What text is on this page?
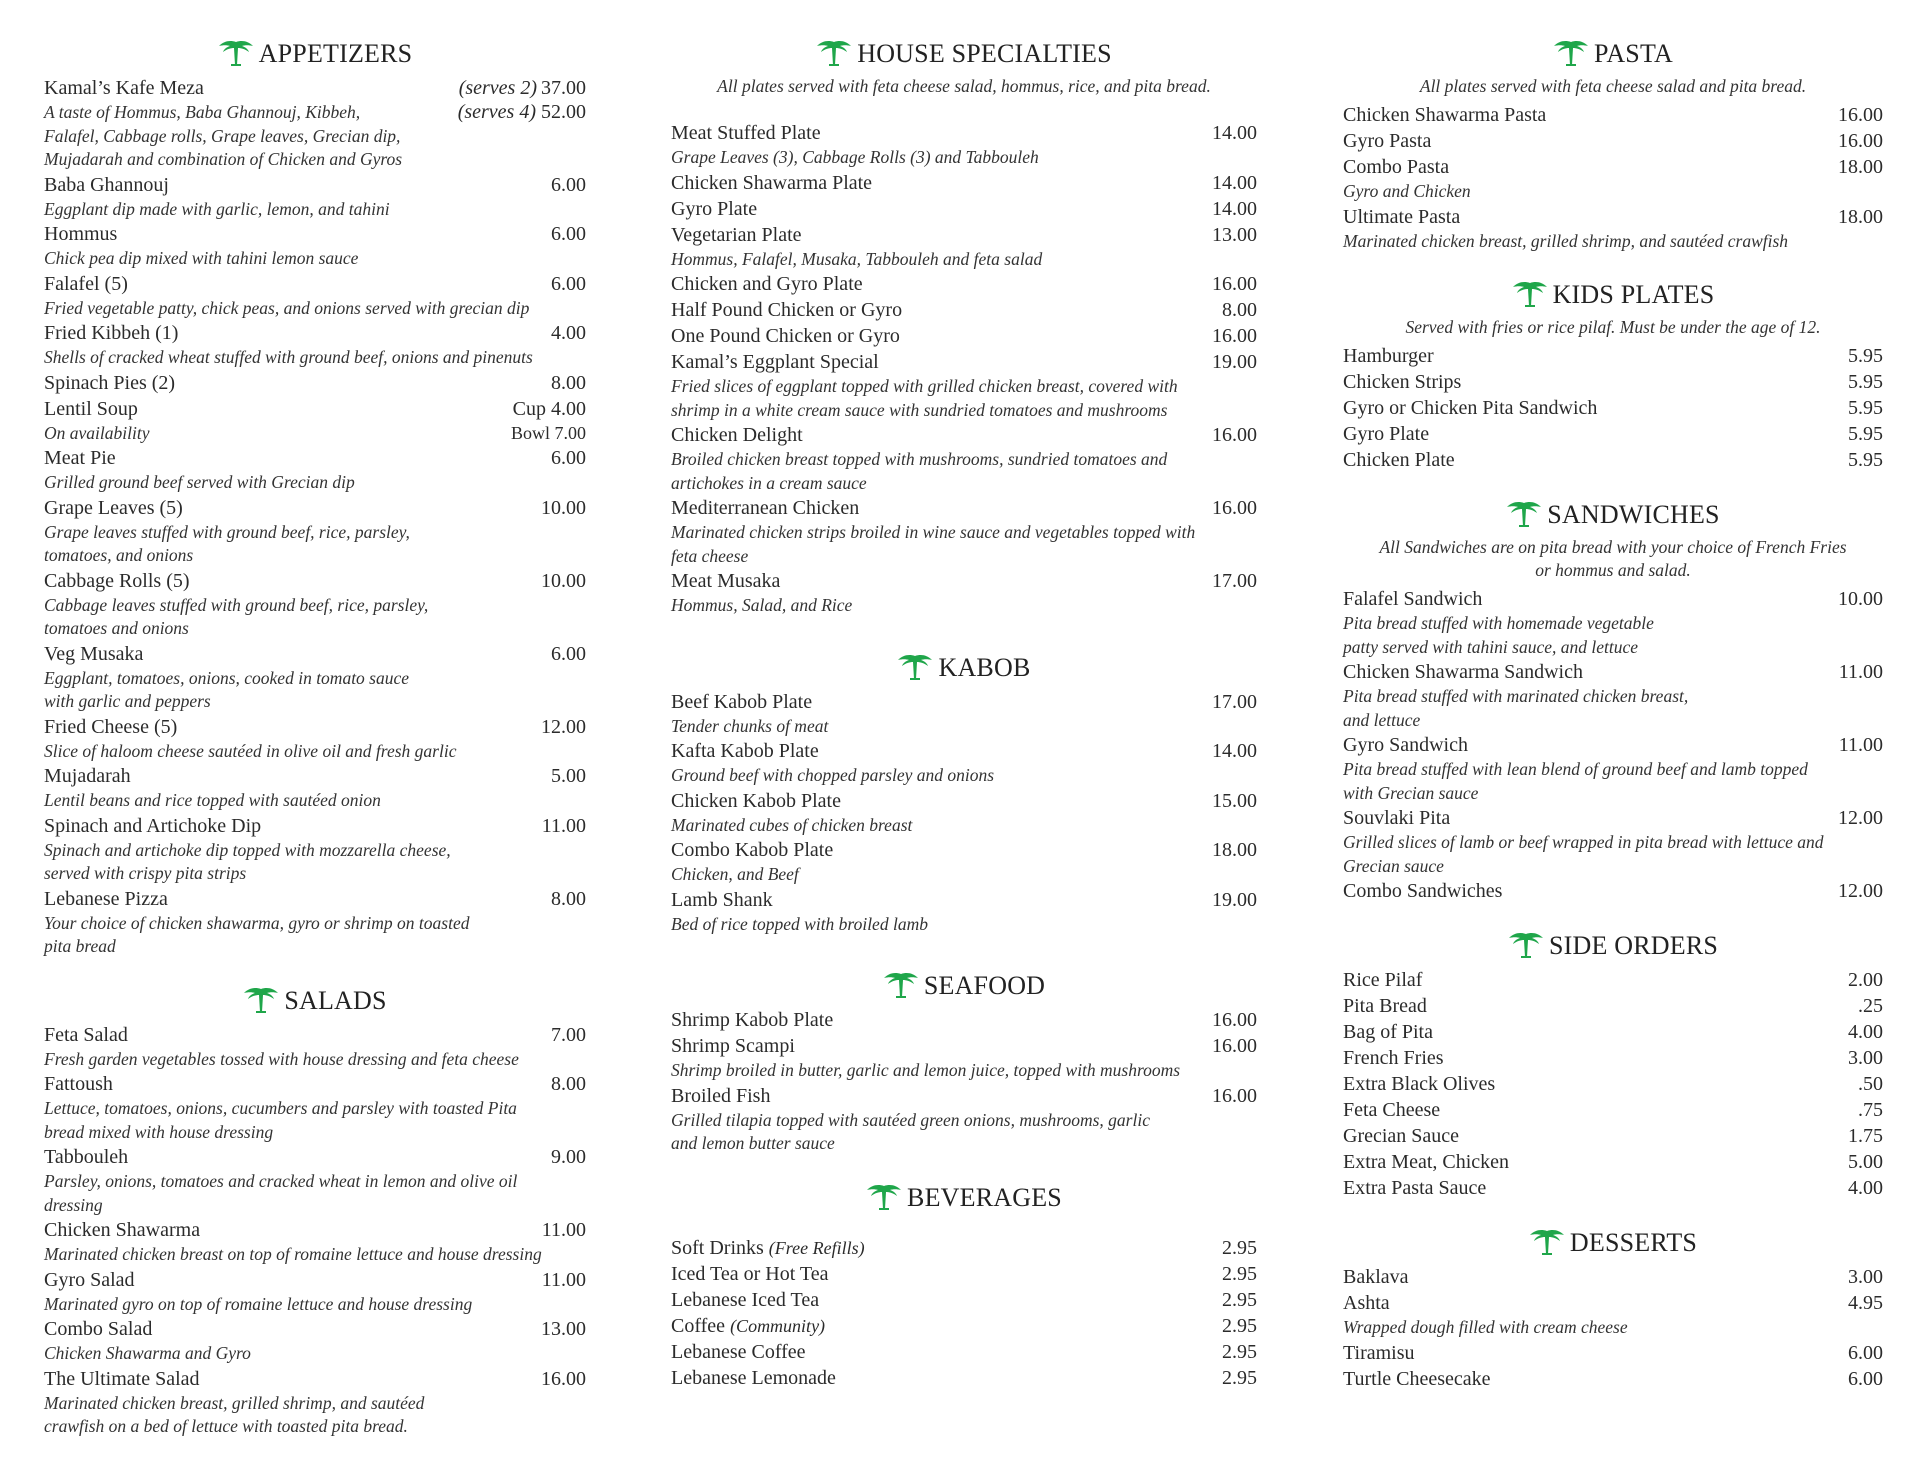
APPETIZERS
Kamal’s Kafe Meza	(serves 2) 37.00
A taste of Hommus, Baba Ghannouj, Kibbeh,	(serves 4) 52.00
Falafel, Cabbage rolls, Grape leaves, Grecian dip,
Mujadarah and combination of Chicken and Gyros
Baba Ghannouj	6.00
Eggplant dip made with garlic, lemon, and tahini
Hommus	6.00
Chick pea dip mixed with tahini lemon sauce
Falafel (5)	6.00
Fried vegetable patty, chick peas, and onions served with grecian dip
Fried Kibbeh (1)	4.00
Shells of cracked wheat stuffed with ground beef, onions and pinenuts
Spinach Pies (2)	8.00
Lentil Soup	Cup 4.00
On availability	Bowl 7.00
Meat Pie	6.00
Grilled ground beef served with Grecian dip
Grape Leaves (5)	10.00
Grape leaves stuffed with ground beef, rice, parsley,
tomatoes, and onions
Cabbage Rolls (5)	10.00
Cabbage leaves stuffed with ground beef, rice, parsley,
tomatoes and onions
Veg Musaka	6.00
Eggplant, tomatoes, onions, cooked in tomato sauce
with garlic and peppers
Fried Cheese (5)	12.00
Slice of haloom cheese sautéed in olive oil and fresh garlic
Mujadarah	5.00
Lentil beans and rice topped with sautéed onion
Spinach and Artichoke Dip	11.00
Spinach and artichoke dip topped with mozzarella cheese,
served with crispy pita strips
Lebanese Pizza	8.00
Your choice of chicken shawarma, gyro or shrimp on toasted
pita bread
SALADS
Feta Salad	7.00
Fresh garden vegetables tossed with house dressing and feta cheese
Fattoush	8.00
Lettuce, tomatoes, onions, cucumbers and parsley with toasted Pita
bread mixed with house dressing
Tabbouleh	9.00
Parsley, onions, tomatoes and cracked wheat in lemon and olive oil
dressing
Chicken Shawarma	11.00
Marinated chicken breast on top of romaine lettuce and house dressing
Gyro Salad	11.00
Marinated gyro on top of romaine lettuce and house dressing
Combo Salad	13.00
Chicken Shawarma and Gyro
The Ultimate Salad	16.00
Marinated chicken breast, grilled shrimp, and sautéed
crawfish on a bed of lettuce with toasted pita bread.
HOUSE SPECIALTIES
All plates served with feta cheese salad, hommus, rice, and pita bread.
Meat Stuffed Plate	14.00
Grape Leaves (3), Cabbage Rolls (3) and Tabbouleh
Chicken Shawarma Plate	14.00
Gyro Plate	14.00
Vegetarian Plate	13.00
Hommus, Falafel, Musaka, Tabbouleh and feta salad
Chicken and Gyro Plate	16.00
Half Pound Chicken or Gyro	8.00
One Pound Chicken or Gyro	16.00
Kamal’s Eggplant Special	19.00
Fried slices of eggplant topped with grilled chicken breast, covered with
shrimp in a white cream sauce with sundried tomatoes and mushrooms
Chicken Delight	16.00
Broiled chicken breast topped with mushrooms, sundried tomatoes and
artichokes in a cream sauce
Mediterranean Chicken	16.00
Marinated chicken strips broiled in wine sauce and vegetables topped with
feta cheese
Meat Musaka	17.00
Hommus, Salad, and Rice
KABOB
Beef Kabob Plate	17.00
Tender chunks of meat
Kafta Kabob Plate	14.00
Ground beef with chopped parsley and onions
Chicken Kabob Plate	15.00
Marinated cubes of chicken breast
Combo Kabob Plate	18.00
Chicken, and Beef
Lamb Shank	19.00
Bed of rice topped with broiled lamb
SEAFOOD
Shrimp Kabob Plate	16.00
Shrimp Scampi	16.00
Shrimp broiled in butter, garlic and lemon juice, topped with mushrooms
Broiled Fish	16.00
Grilled tilapia topped with sautéed green onions, mushrooms, garlic
and lemon butter sauce
BEVERAGES
Soft Drinks (Free Refills)	2.95
Iced Tea or Hot Tea	2.95
Lebanese Iced Tea	2.95
Coffee (Community)	2.95
Lebanese Coffee	2.95
Lebanese Lemonade	2.95
PASTA
All plates served with feta cheese salad and pita bread.
Chicken Shawarma Pasta	16.00
Gyro Pasta	16.00
Combo Pasta	18.00
Gyro and Chicken
Ultimate Pasta	18.00
Marinated chicken breast, grilled shrimp, and sautéed crawfish
KIDS PLATES
Served with fries or rice pilaf. Must be under the age of 12.
Hamburger	5.95
Chicken Strips	5.95
Gyro or Chicken Pita Sandwich	5.95
Gyro Plate	5.95
Chicken Plate	5.95
SANDWICHES
All Sandwiches are on pita bread with your choice of French Fries
or hommus and salad.
Falafel Sandwich	10.00
Pita bread stuffed with homemade vegetable
patty served with tahini sauce, and lettuce
Chicken Shawarma Sandwich	11.00
Pita bread stuffed with marinated chicken breast,
and lettuce
Gyro Sandwich	11.00
Pita bread stuffed with lean blend of ground beef and lamb topped
with Grecian sauce
Souvlaki Pita	12.00
Grilled slices of lamb or beef wrapped in pita bread with lettuce and
Grecian sauce
Combo Sandwiches	12.00
SIDE ORDERS
Rice Pilaf	2.00
Pita Bread	.25
Bag of Pita	4.00
French Fries	3.00
Extra Black Olives	.50
Feta Cheese	.75
Grecian Sauce	1.75
Extra Meat, Chicken	5.00
Extra Pasta Sauce	4.00
DESSERTS
Baklava	3.00
Ashta	4.95
Wrapped dough filled with cream cheese
Tiramisu	6.00
Turtle Cheesecake	6.00
